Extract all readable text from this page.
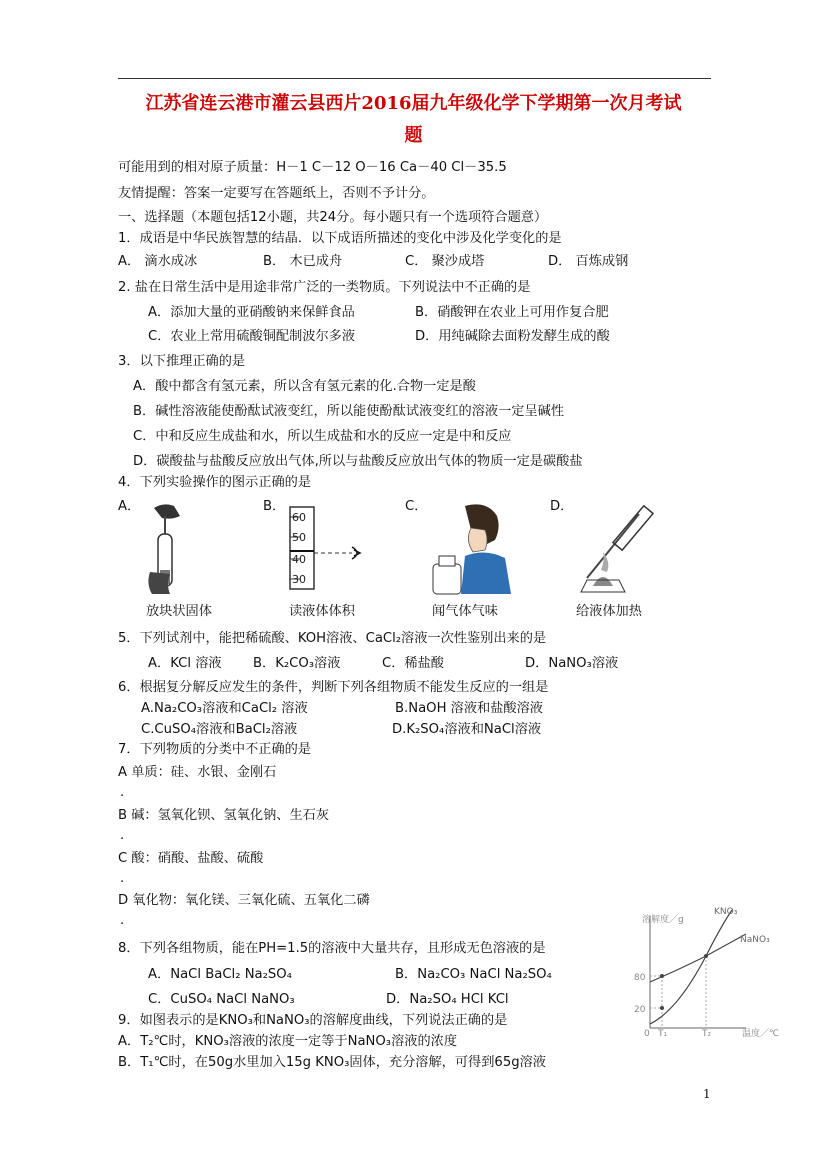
江苏省连云港市灌云县西片2016届九年级化学下学期第一次月考试
题
可能用到的相对原子质量：H－1 C－12 O－16 Ca－40 Cl－35.5
友情提醒：答案一定要写在答题纸上，否则不予计分。
一、选择题（本题包括12小题，共24分。每小题只有一个选项符合题意）
1．成语是中华民族智慧的结晶．以下成语所描述的变化中涉及化学变化的是
A． 滴水成冰	B． 木已成舟	C． 聚沙成塔	D． 百炼成钢
2. 盐在日常生活中是用途非常广泛的一类物质。下列说法中不正确的是
A．添加大量的亚硝酸钠来保鲜食品	B．硝酸钾在农业上可用作复合肥
C．农业上常用硫酸铜配制波尔多液	D．用纯碱除去面粉发酵生成的酸
3．以下推理正确的是
A．酸中都含有氢元素，所以含有氢元素的化.合物一定是酸
B．碱性溶液能使酚酞试液变红，所以能使酚酞试液变红的溶液一定呈碱性
C．中和反应生成盐和水，所以生成盐和水的反应一定是中和反应
D．碳酸盐与盐酸反应放出气体,所以与盐酸反应放出气体的物质一定是碳酸盐
4．下列实验操作的图示正确的是
A．	B．	C．	D．
放块状固体
60
50
40
30
读液体体积	闻气体气味	给液体加热
5．下列试剂中，能把稀硫酸、KOH溶液、CaCl₂溶液一次性鉴别出来的是
A．KCl 溶液 B．K₂CO₃溶液	C．稀盐酸	D．NaNO₃溶液
6．根据复分解反应发生的条件，判断下列各组物质不能发生反应的一组是
A.Na₂CO₃溶液和CaCl₂ 溶液	B.NaOH 溶液和盐酸溶液
C.CuSO₄溶液和BaCl₂溶液	D.K₂SO₄溶液和NaCl溶液
7．下列物质的分类中不正确的是
A 单质：硅、水银、金刚石
.
B 碱：氢氧化钡、氢氧化钠、生石灰
.
C 酸：硝酸、盐酸、硫酸
.
D 氧化物：氧化镁、三氧化硫、五氧化二磷
.
8．下列各组物质，能在PH=1.5的溶液中大量共存，且形成无色溶液的是
A．NaCl BaCl₂ Na₂SO₄	B．Na₂CO₃ NaCl Na₂SO₄
C．CuSO₄ NaCl NaNO₃	D．Na₂SO₄ HCl KCl
9．如图表示的是KNO₃和NaNO₃的溶解度曲线，下列说法正确的是
A．T₂℃时，KNO₃溶液的浓度一定等于NaNO₃溶液的浓度
B．T₁℃时，在50g水里加入15g KNO₃固体，充分溶解，可得到65g溶液
溶解度／g
温度／℃
80
20
0 T₁	T₂
KNO₃
NaNO₃
1
